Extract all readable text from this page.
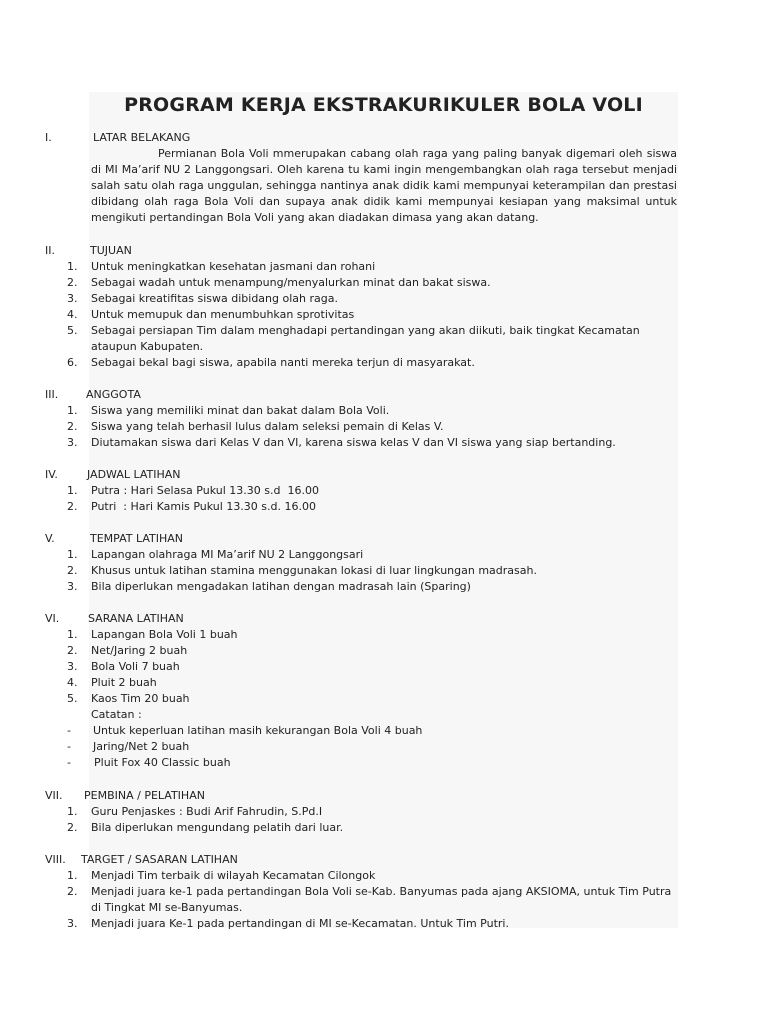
PROGRAM KERJA EKSTRAKURIKULER BOLA VOLI
I.	LATAR BELAKANG
Permianan Bola Voli mmerupakan cabang olah raga yang paling banyak digemari oleh siswa di MI Ma’arif NU 2 Langgongsari. Oleh karena tu kami ingin mengembangkan olah raga tersebut menjadi salah satu olah raga unggulan, sehingga nantinya anak didik kami mempunyai keterampilan dan prestasi dibidang olah raga Bola Voli dan supaya anak didik kami mempunyai kesiapan yang maksimal untuk mengikuti pertandingan Bola Voli yang akan diadakan dimasa yang akan datang.
II.	TUJUAN
1. Untuk meningkatkan kesehatan jasmani dan rohani
2. Sebagai wadah untuk menampung/menyalurkan minat dan bakat siswa.
3. Sebagai kreatifitas siswa dibidang olah raga.
4. Untuk memupuk dan menumbuhkan sprotivitas
5. Sebagai persiapan Tim dalam menghadapi pertandingan yang akan diikuti, baik tingkat Kecamatan ataupun Kabupaten.
6. Sebagai bekal bagi siswa, apabila nanti mereka terjun di masyarakat.
III.	ANGGOTA
1. Siswa yang memiliki minat dan bakat dalam Bola Voli.
2. Siswa yang telah berhasil lulus dalam seleksi pemain di Kelas V.
3. Diutamakan siswa dari Kelas V dan VI, karena siswa kelas V dan VI siswa yang siap bertanding.
IV.	JADWAL LATIHAN
1. Putra : Hari Selasa Pukul 13.30 s.d  16.00
2. Putri  : Hari Kamis Pukul 13.30 s.d. 16.00
V.	TEMPAT LATIHAN
1. Lapangan olahraga MI Ma’arif NU 2 Langgongsari
2. Khusus untuk latihan stamina menggunakan lokasi di luar lingkungan madrasah.
3. Bila diperlukan mengadakan latihan dengan madrasah lain (Sparing)
VI.	SARANA LATIHAN
1. Lapangan Bola Voli 1 buah
2. Net/Jaring 2 buah
3. Bola Voli 7 buah
4. Pluit 2 buah
5. Kaos Tim 20 buah
Catatan :
- Untuk keperluan latihan masih kekurangan Bola Voli 4 buah
- Jaring/Net 2 buah
- Pluit Fox 40 Classic buah
VII. PEMBINA / PELATIHAN
1. Guru Penjaskes : Budi Arif Fahrudin, S.Pd.I
2. Bila diperlukan mengundang pelatih dari luar.
VIII. TARGET / SASARAN LATIHAN
1. Menjadi Tim terbaik di wilayah Kecamatan Cilongok
2. Menjadi juara ke-1 pada pertandingan Bola Voli se-Kab. Banyumas pada ajang AKSIOMA, untuk Tim Putra di Tingkat MI se-Banyumas.
3. Menjadi juara Ke-1 pada pertandingan di MI se-Kecamatan. Untuk Tim Putri.
